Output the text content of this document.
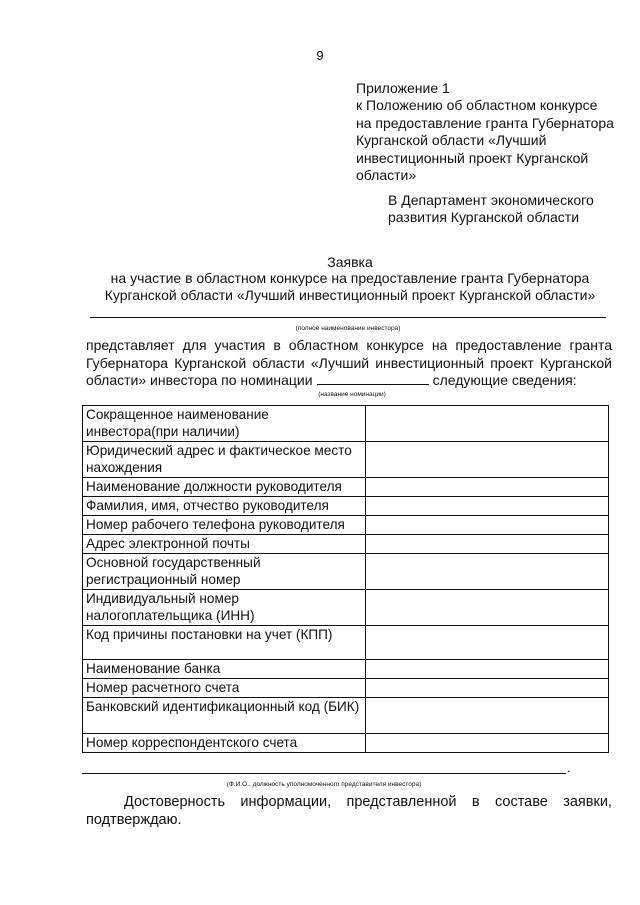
9
Приложение 1
к Положению об областном конкурсе
на предоставление гранта Губернатора
Курганской области «Лучший
инвестиционный проект Курганской
области»
В Департамент экономического
развития Курганской области
Заявка
на участие в областном конкурсе на предоставление гранта Губернатора
Курганской области «Лучший инвестиционный проект Курганской области»
(полное наименование инвестора)
представляет для участия в областном конкурсе на предоставление гранта
Губернатора Курганской области «Лучший инвестиционный проект Курганской
области» инвестора по номинации	следующие сведения:
(название номинации)
Сокращенное наименование инвестора(при наличии)	
Юридический адрес и фактическое место нахождения	
Наименование должности руководителя	
Фамилия, имя, отчество руководителя	
Номер рабочего телефона руководителя	
Адрес электронной почты	
Основной государственный регистрационный номер	
Индивидуальный номер налогоплательщика (ИНН)	
Код причины постановки на учет (КПП)	
Наименование банка	
Номер расчетного счета	
Банковский идентификационный код (БИК)	
Номер корреспондентского счета	
.
(Ф.И.О., должность уполномоченного представителя инвестора)
Достоверность информации, представленной в составе заявки,
подтверждаю.
